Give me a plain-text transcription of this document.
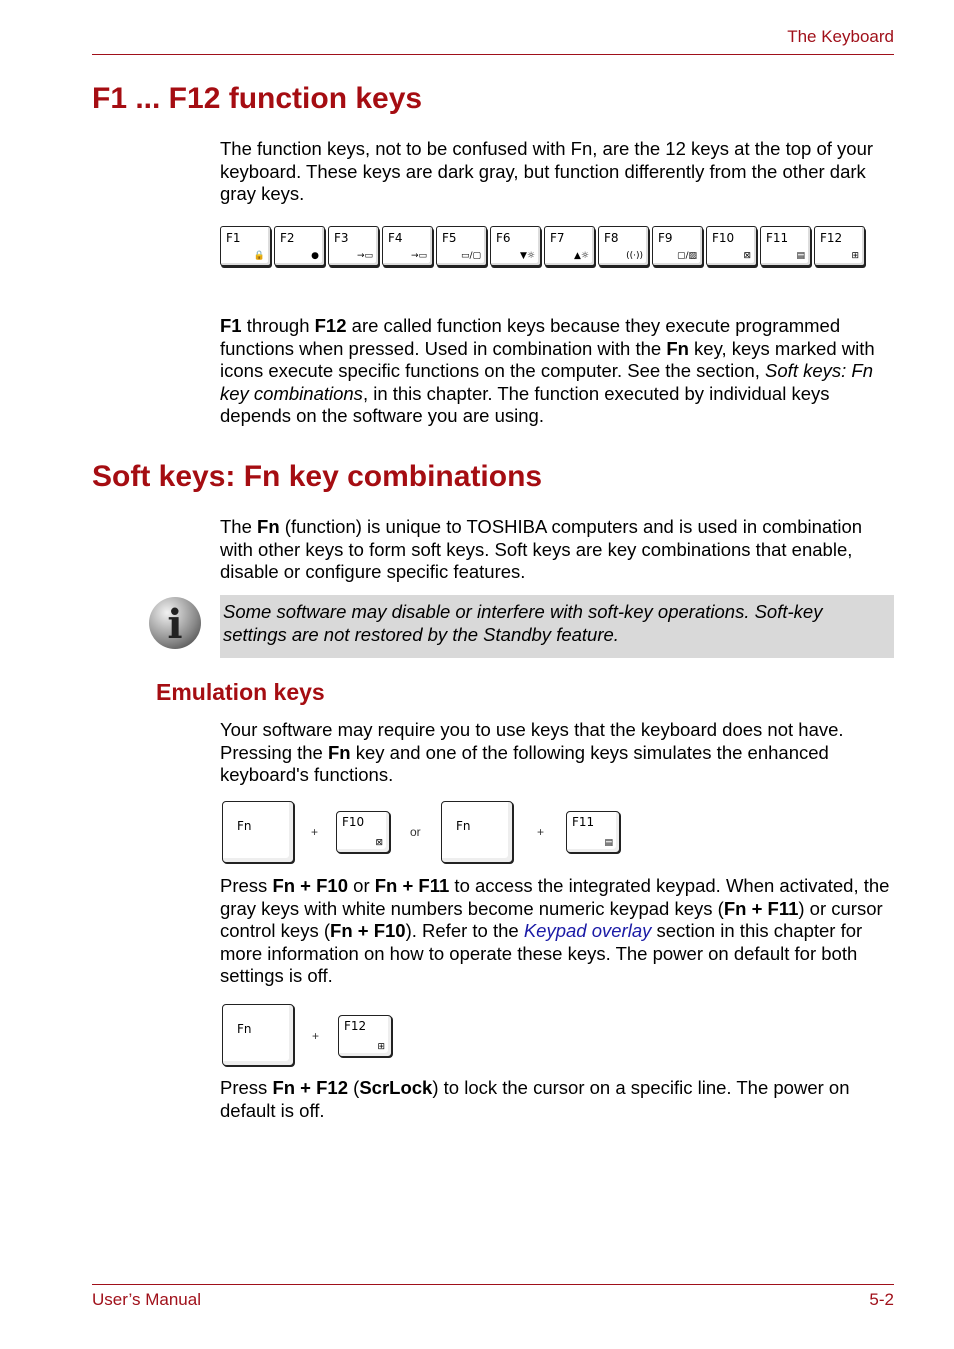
The Keyboard
F1 ... F12 function keys

The function keys, not to be confused with Fn, are the 12 keys at the top of your keyboard. These keys are dark gray, but function differently from the other dark gray keys.

F1
🔒
F2
●
F3
→▭
F4
→▭
F5
▭/▢
F6
▼☼
F7
▲☼
F8
((·))
F9
▢/▨
F10
⊠
F11
▤
F12
⊞

F1 through F12 are called function keys because they execute programmed functions when pressed. Used in combination with the Fn key, keys marked with icons execute specific functions on the computer. See the section, Soft keys: Fn key combinations, in this chapter. The function executed by individual keys depends on the software you are using.

Soft keys: Fn key combinations

The Fn (function) is unique to TOSHIBA computers and is used in combination with other keys to form soft keys. Soft keys are key combinations that enable, disable or configure specific features.

i	Some software may disable or interfere with soft-key operations. Soft-key settings are not restored by the Standby feature.

Emulation keys

Your software may require you to use keys that the keyboard does not have. Pressing the Fn key and one of the following keys simulates the enhanced keyboard's functions.

Fn	+
F10
⊠
or	Fn	+
F11
▤

Press Fn + F10 or Fn + F11 to access the integrated keypad. When activated, the gray keys with white numbers become numeric keypad keys (Fn + F11) or cursor control keys (Fn + F10). Refer to the Keypad overlay section in this chapter for more information on how to operate these keys. The power on default for both settings is off.

Fn	+
F12
⊞

Press Fn + F12 (ScrLock) to lock the cursor on a specific line. The power on default is off.

User’s Manual	5-2
